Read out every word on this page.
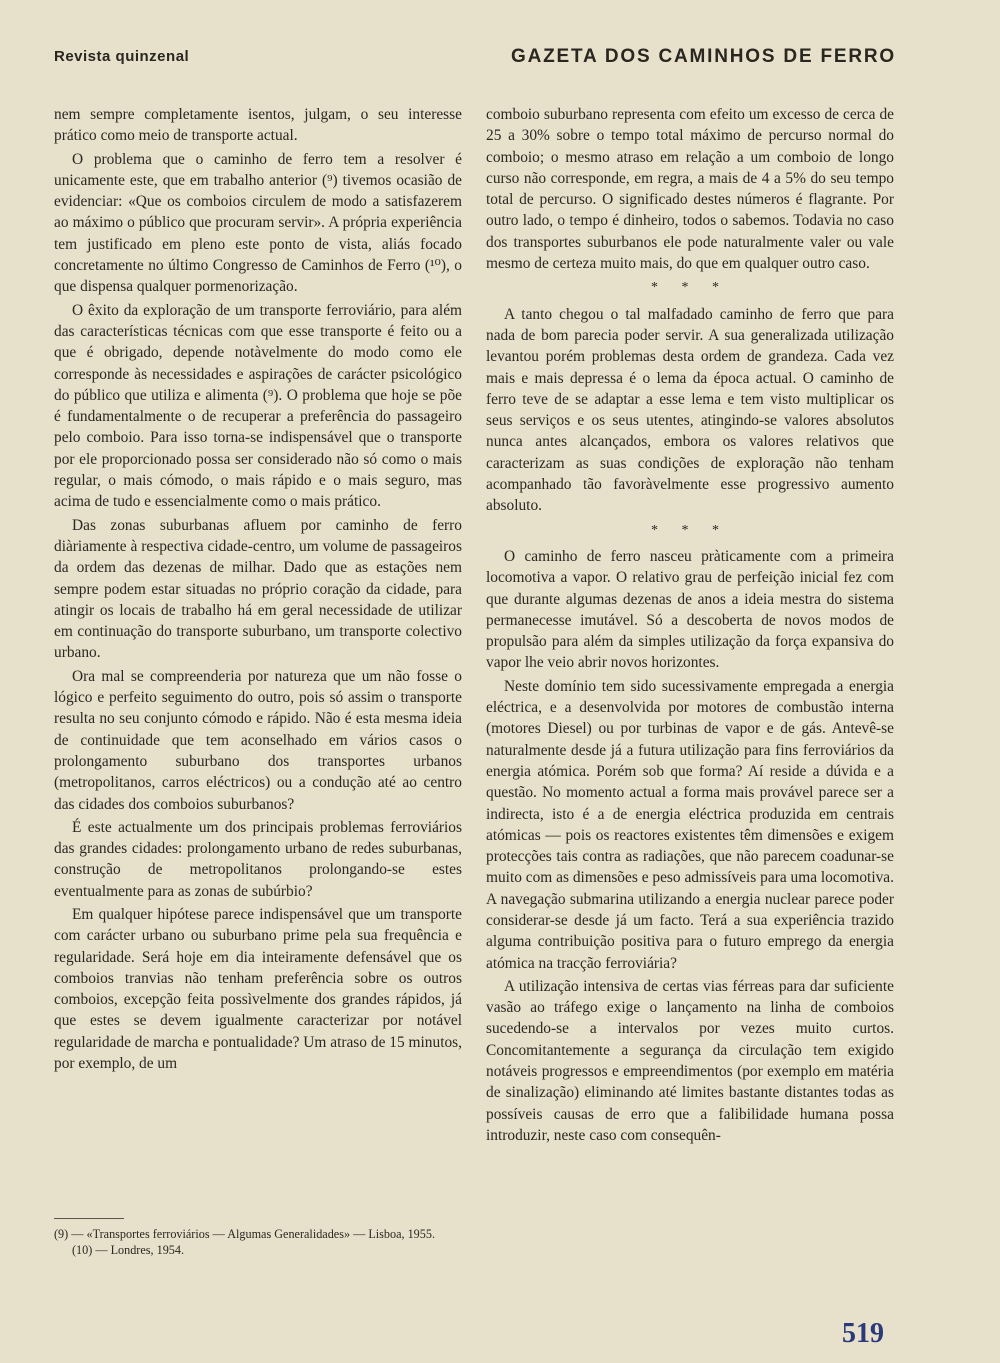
Revista quinzenal	GAZETA DOS CAMINHOS DE FERRO

nem sempre completamente isentos, julgam, o seu interesse prático como meio de transporte actual.

O problema que o caminho de ferro tem a resolver é unicamente este, que em trabalho anterior (⁹) tivemos ocasião de evidenciar: «Que os comboios circulem de modo a satisfazerem ao máximo o público que procuram servir». A própria experiência tem justificado em pleno este ponto de vista, aliás focado concretamente no último Congresso de Caminhos de Ferro (¹⁰), o que dispensa qualquer pormenorização.

O êxito da exploração de um transporte ferroviário, para além das características técnicas com que esse transporte é feito ou a que é obrigado, depende notàvelmente do modo como ele corresponde às necessidades e aspirações de carácter psicológico do público que utiliza e alimenta (⁹). O problema que hoje se põe é fundamentalmente o de recuperar a preferência do passageiro pelo comboio. Para isso torna-se indispensável que o transporte por ele proporcionado possa ser considerado não só como o mais regular, o mais cómodo, o mais rápido e o mais seguro, mas acima de tudo e essencialmente como o mais prático.

Das zonas suburbanas afluem por caminho de ferro diàriamente à respectiva cidade-centro, um volume de passageiros da ordem das dezenas de milhar. Dado que as estações nem sempre podem estar situadas no próprio coração da cidade, para atingir os locais de trabalho há em geral necessidade de utilizar em continuação do transporte suburbano, um transporte colectivo urbano.

Ora mal se compreenderia por natureza que um não fosse o lógico e perfeito seguimento do outro, pois só assim o transporte resulta no seu conjunto cómodo e rápido. Não é esta mesma ideia de continuidade que tem aconselhado em vários casos o prolongamento suburbano dos transportes urbanos (metropolitanos, carros eléctricos) ou a condução até ao centro das cidades dos comboios suburbanos?

É este actualmente um dos principais problemas ferroviários das grandes cidades: prolongamento urbano de redes suburbanas, construção de metropolitanos prolongando-se estes eventualmente para as zonas de subúrbio?

Em qualquer hipótese parece indispensável que um transporte com carácter urbano ou suburbano prime pela sua frequência e regularidade. Será hoje em dia inteiramente defensável que os comboios tranvias não tenham preferência sobre os outros comboios, excepção feita possìvelmente dos grandes rápidos, já que estes se devem igualmente caracterizar por notável regularidade de marcha e pontualidade? Um atraso de 15 minutos, por exemplo, de um

comboio suburbano representa com efeito um excesso de cerca de 25 a 30% sobre o tempo total máximo de percurso normal do comboio; o mesmo atraso em relação a um comboio de longo curso não corresponde, em regra, a mais de 4 a 5% do seu tempo total de percurso. O significado destes números é flagrante. Por outro lado, o tempo é dinheiro, todos o sabemos. Todavia no caso dos transportes suburbanos ele pode naturalmente valer ou vale mesmo de certeza muito mais, do que em qualquer outro caso.

* * *

A tanto chegou o tal malfadado caminho de ferro que para nada de bom parecia poder servir. A sua generalizada utilização levantou porém problemas desta ordem de grandeza. Cada vez mais e mais depressa é o lema da época actual. O caminho de ferro teve de se adaptar a esse lema e tem visto multiplicar os seus serviços e os seus utentes, atingindo-se valores absolutos nunca antes alcançados, embora os valores relativos que caracterizam as suas condições de exploração não tenham acompanhado tão favoràvelmente esse progressivo aumento absoluto.

* * *

O caminho de ferro nasceu pràticamente com a primeira locomotiva a vapor. O relativo grau de perfeição inicial fez com que durante algumas dezenas de anos a ideia mestra do sistema permanecesse imutável. Só a descoberta de novos modos de propulsão para além da simples utilização da força expansiva do vapor lhe veio abrir novos horizontes.

Neste domínio tem sido sucessivamente empregada a energia eléctrica, e a desenvolvida por motores de combustão interna (motores Diesel) ou por turbinas de vapor e de gás. Antevê-se naturalmente desde já a futura utilização para fins ferroviários da energia atómica. Porém sob que forma? Aí reside a dúvida e a questão. No momento actual a forma mais provável parece ser a indirecta, isto é a de energia eléctrica produzida em centrais atómicas — pois os reactores existentes têm dimensões e exigem protecções tais contra as radiações, que não parecem coadunar-se muito com as dimensões e peso admissíveis para uma locomotiva. A navegação submarina utilizando a energia nuclear parece poder considerar-se desde já um facto. Terá a sua experiência trazido alguma contribuição positiva para o futuro emprego da energia atómica na tracção ferroviária?

A utilização intensiva de certas vias férreas para dar suficiente vasão ao tráfego exige o lançamento na linha de comboios sucedendo-se a intervalos por vezes muito curtos. Concomitantemente a segurança da circulação tem exigido notáveis progressos e empreendimentos (por exemplo em matéria de sinalização) eliminando até limites bastante distantes todas as possíveis causas de erro que a falibilidade humana possa introduzir, neste caso com consequên-

(9) — «Transportes ferroviários — Algumas Generalidades» — Lisboa, 1955.

(10) — Londres, 1954.

519
